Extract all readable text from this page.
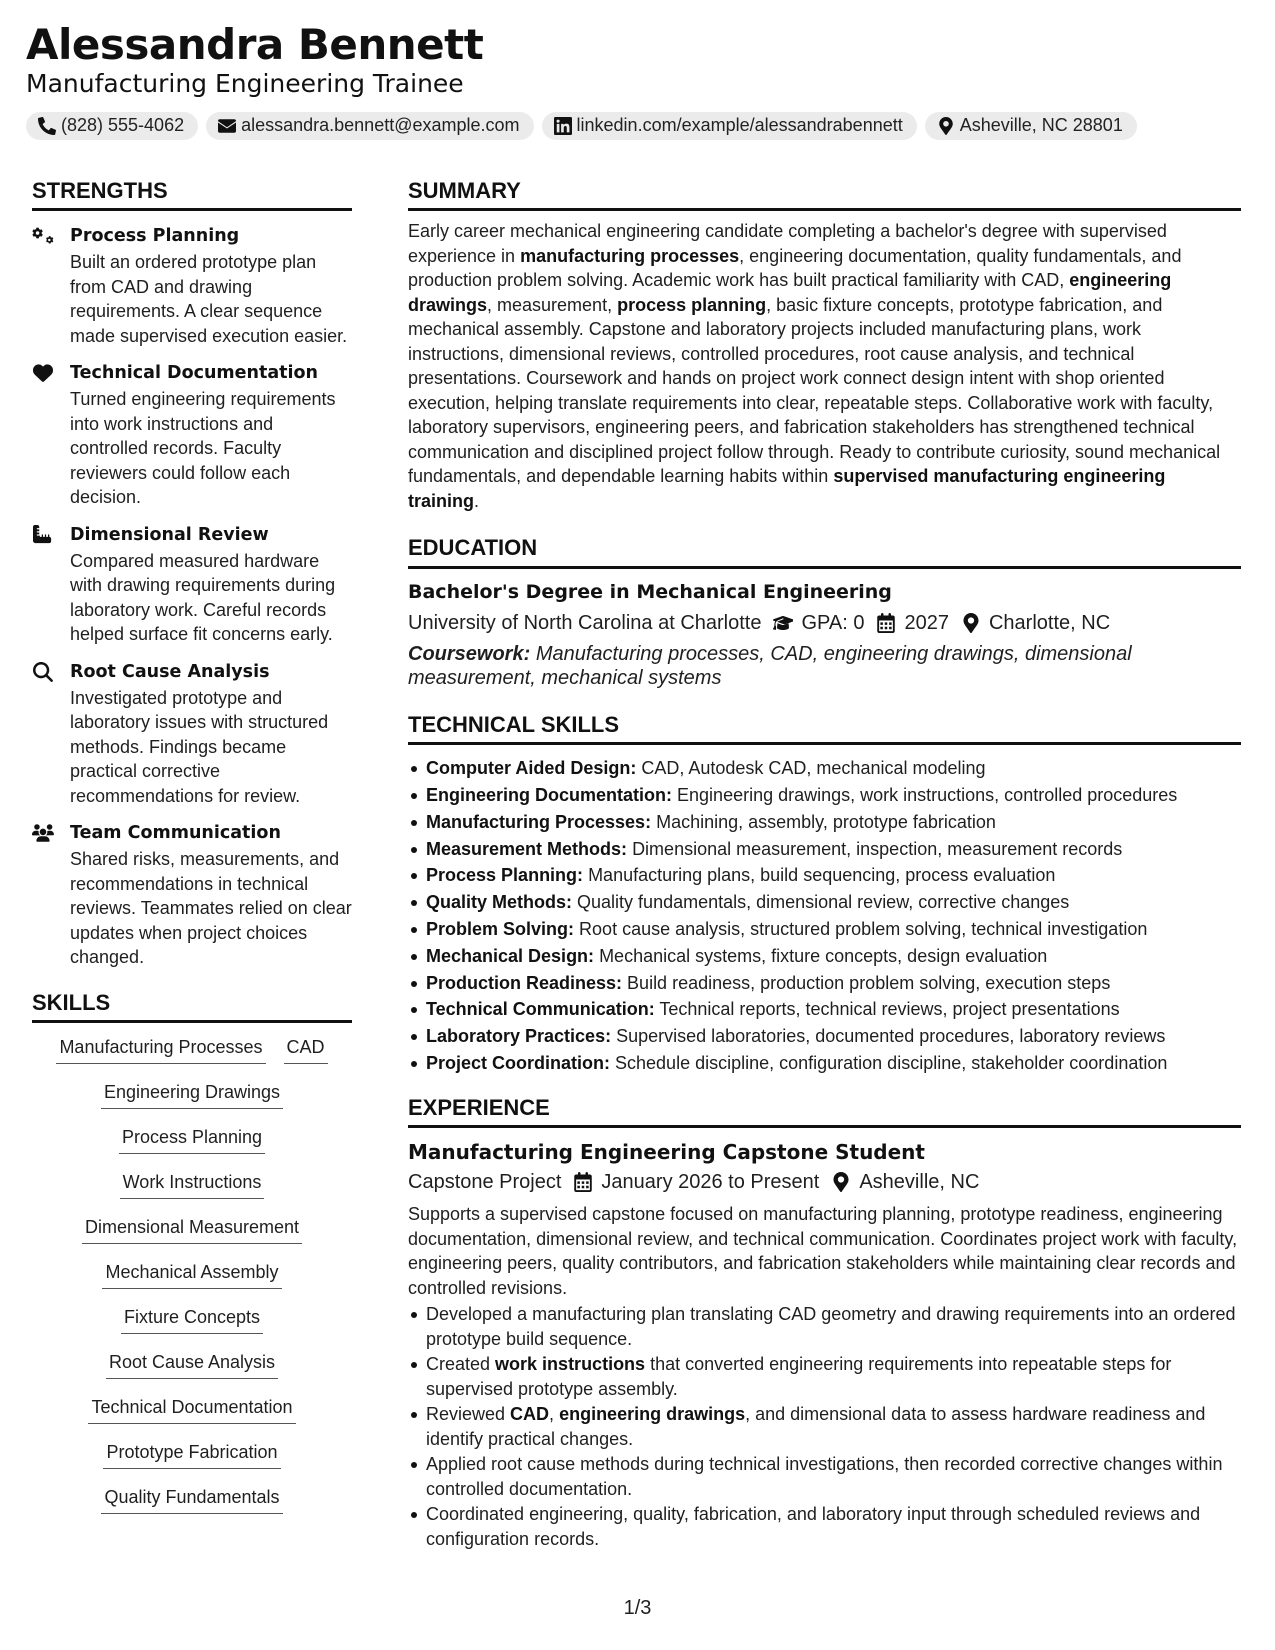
Alessandra Bennett
Manufacturing Engineering Trainee
(828) 555-4062	alessandra.bennett@example.com	linkedin.com/example/alessandrabennett	Asheville, NC 28801
STRENGTHS
Process Planning
Built an ordered prototype plan from CAD and drawing requirements. A clear sequence made supervised execution easier.
Technical Documentation
Turned engineering requirements into work instructions and controlled records. Faculty reviewers could follow each decision.
Dimensional Review
Compared measured hardware with drawing requirements during laboratory work. Careful records helped surface fit concerns early.
Root Cause Analysis
Investigated prototype and laboratory issues with structured methods. Findings became practical corrective recommendations for review.
Team Communication
Shared risks, measurements, and recommendations in technical reviews. Teammates relied on clear updates when project choices changed.
SKILLS
Manufacturing Processes CAD
Engineering Drawings
Process Planning
Work Instructions
Dimensional Measurement
Mechanical Assembly
Fixture Concepts
Root Cause Analysis
Technical Documentation
Prototype Fabrication
Quality Fundamentals
SUMMARY

Early career mechanical engineering candidate completing a bachelor's degree with supervised experience in manufacturing processes, engineering documentation, quality fundamentals, and production problem solving. Academic work has built practical familiarity with CAD, engineering drawings, measurement, process planning, basic fixture concepts, prototype fabrication, and mechanical assembly. Capstone and laboratory projects included manufacturing plans, work instructions, dimensional reviews, controlled procedures, root cause analysis, and technical presentations. Coursework and hands on project work connect design intent with shop oriented execution, helping translate requirements into clear, repeatable steps. Collaborative work with faculty, laboratory supervisors, engineering peers, and fabrication stakeholders has strengthened technical communication and disciplined project follow through. Ready to contribute curiosity, sound mechanical fundamentals, and dependable learning habits within supervised manufacturing engineering training.

EDUCATION
Bachelor's Degree in Mechanical Engineering
University of North Carolina at Charlotte GPA: 0 2027 Charlotte, NC

Coursework: Manufacturing processes, CAD, engineering drawings, dimensional measurement, mechanical systems

TECHNICAL SKILLS
Computer Aided Design: CAD, Autodesk CAD, mechanical modeling
Engineering Documentation: Engineering drawings, work instructions, controlled procedures
Manufacturing Processes: Machining, assembly, prototype fabrication
Measurement Methods: Dimensional measurement, inspection, measurement records
Process Planning: Manufacturing plans, build sequencing, process evaluation
Quality Methods: Quality fundamentals, dimensional review, corrective changes
Problem Solving: Root cause analysis, structured problem solving, technical investigation
Mechanical Design: Mechanical systems, fixture concepts, design evaluation
Production Readiness: Build readiness, production problem solving, execution steps
Technical Communication: Technical reports, technical reviews, project presentations
Laboratory Practices: Supervised laboratories, documented procedures, laboratory reviews
Project Coordination: Schedule discipline, configuration discipline, stakeholder coordination
EXPERIENCE
Manufacturing Engineering Capstone Student
Capstone Project January 2026 to Present Asheville, NC

Supports a supervised capstone focused on manufacturing planning, prototype readiness, engineering documentation, dimensional review, and technical communication. Coordinates project work with faculty, engineering peers, quality contributors, and fabrication stakeholders while maintaining clear records and controlled revisions.

Developed a manufacturing plan translating CAD geometry and drawing requirements into an ordered prototype build sequence.
Created work instructions that converted engineering requirements into repeatable steps for supervised prototype assembly.
Reviewed CAD, engineering drawings, and dimensional data to assess hardware readiness and identify practical changes.
Applied root cause methods during technical investigations, then recorded corrective changes within controlled documentation.
Coordinated engineering, quality, fabrication, and laboratory input through scheduled reviews and configuration records.
1/3
